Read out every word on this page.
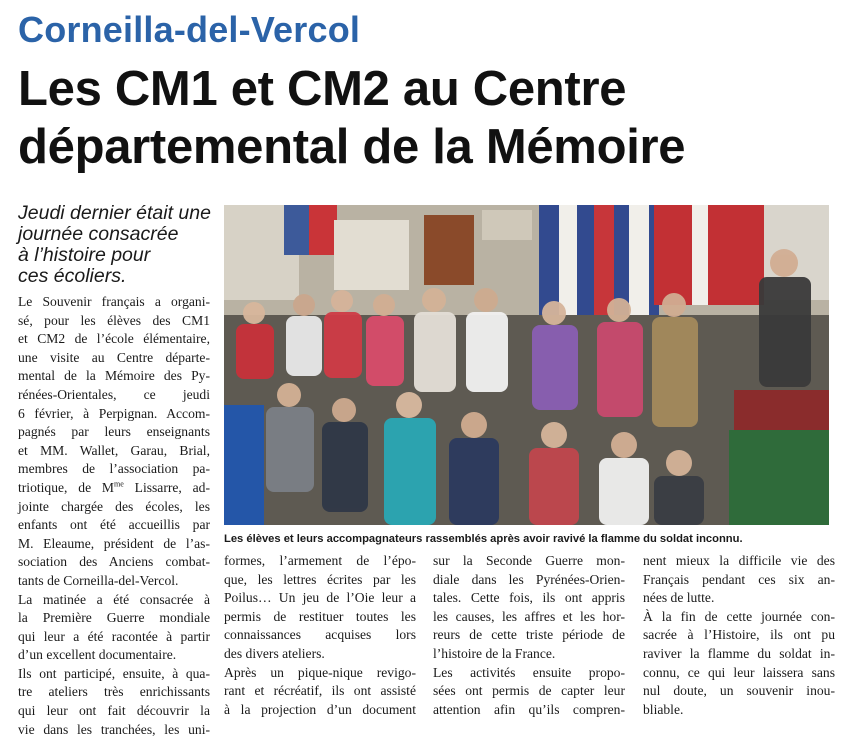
Corneilla-del-Vercol
Les CM1 et CM2 au Centre
départemental de la Mémoire
Jeudi dernier était une
journée consacrée
à l’histoire pour
ces écoliers.
Les élèves et leurs accompagnateurs rassemblés après avoir ravivé la flamme du soldat inconnu.
Le Souvenir français a organi-
sé, pour les élèves des CM1
et CM2 de l’école élémentaire,
une visite au Centre départe-
mental de la Mémoire des Py-
rénées-Orientales, ce jeudi
6 février, à Perpignan. Accom-
pagnés par leurs enseignants
et MM. Wallet, Garau, Brial,
membres de l’association pa-
triotique, de $M^{me}$ Lissarre, ad-
jointe chargée des écoles, les
enfants ont été accueillis par
M. Eleaume, président de l’as-
sociation des Anciens combat-
tants de Corneilla-del-Vercol.
La matinée a été consacrée à
la Première Guerre mondiale
qui leur a été racontée à partir
d’un excellent documentaire.
Ils ont participé, ensuite, à qua-
tre ateliers très enrichissants
qui leur ont fait découvrir la
vie dans les tranchées, les uni-
formes, l’armement de l’épo-
que, les lettres écrites par les
Poilus… Un jeu de l’Oie leur a
permis de restituer toutes les
connaissances acquises lors
des divers ateliers.
Après un pique-nique revigo-
rant et récréatif, ils ont assisté
à la projection d’un document
sur la Seconde Guerre mon-
diale dans les Pyrénées-Orien-
tales. Cette fois, ils ont appris
les causes, les affres et les hor-
reurs de cette triste période de
l’histoire de la France.
Les activités ensuite propo-
sées ont permis de capter leur
attention afin qu’ils compren-
nent mieux la difficile vie des
Français pendant ces six an-
nées de lutte.
À la fin de cette journée con-
sacrée à l’Histoire, ils ont pu
raviver la flamme du soldat in-
connu, ce qui leur laissera sans
nul doute, un souvenir inou-
bliable.
